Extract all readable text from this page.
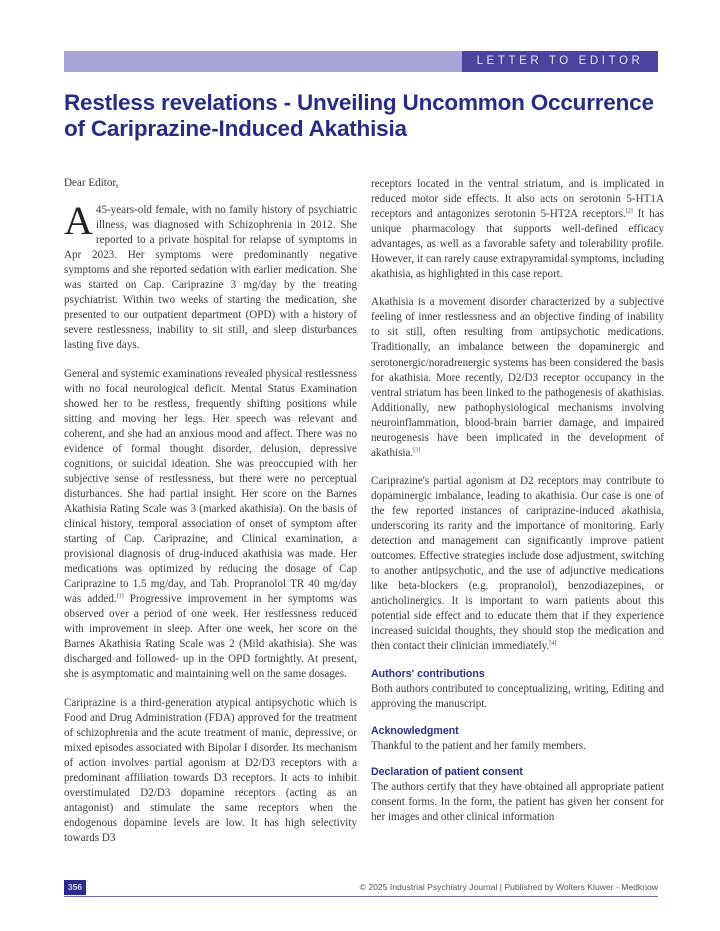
LETTER TO EDITOR
Restless revelations - Unveiling Uncommon Occurrence of Cariprazine-Induced Akathisia

Dear Editor,

A 45-years-old female, with no family history of psychiatric illness, was diagnosed with Schizophrenia in 2012. She reported to a private hospital for relapse of symptoms in Apr 2023. Her symptoms were predominantly negative symptoms and she reported sedation with earlier medication. She was started on Cap. Cariprazine 3 mg/day by the treating psychiatrist. Within two weeks of starting the medication, she presented to our outpatient department (OPD) with a history of severe restlessness, inability to sit still, and sleep disturbances lasting five days.

General and systemic examinations revealed physical restlessness with no focal neurological deficit. Mental Status Examination showed her to be restless, frequently shifting positions while sitting and moving her legs. Her speech was relevant and coherent, and she had an anxious mood and affect. There was no evidence of formal thought disorder, delusion, depressive cognitions, or suicidal ideation. She was preoccupied with her subjective sense of restlessness, but there were no perceptual disturbances. She had partial insight. Her score on the Barnes Akathisia Rating Scale was 3 (marked akathisia). On the basis of clinical history, temporal association of onset of symptom after starting of Cap. Cariprazine, and Clinical examination, a provisional diagnosis of drug-induced akathisia was made. Her medications was optimized by reducing the dosage of Cap Cariprazine to 1.5 mg/day, and Tab. Propranolol TR 40 mg/day was added.[1] Progressive improvement in her symptoms was observed over a period of one week. Her restlessness reduced with improvement in sleep. After one week, her score on the Barnes Akathisia Rating Scale was 2 (Mild akathisia). She was discharged and followed- up in the OPD fortnightly. At present, she is asymptomatic and maintaining well on the same dosages.

Cariprazine is a third-generation atypical antipsychotic which is Food and Drug Administration (FDA) approved for the treatment of schizophrenia and the acute treatment of manic, depressive, or mixed episodes associated with Bipolar I disorder. Its mechanism of action involves partial agonism at D2/D3 receptors with a predominant affiliation towards D3 receptors. It acts to inhibit overstimulated D2/D3 dopamine receptors (acting as an antagonist) and stimulate the same receptors when the endogenous dopamine levels are low. It has high selectivity towards D3

receptors located in the ventral striatum, and is implicated in reduced motor side effects. It also acts on serotonin 5-HT1A receptors and antagonizes serotonin 5-HT2A receptors.[2] It has unique pharmacology that supports well-defined efficacy advantages, as well as a favorable safety and tolerability profile. However, it can rarely cause extrapyramidal symptoms, including akathisia, as highlighted in this case report.

Akathisia is a movement disorder characterized by a subjective feeling of inner restlessness and an objective finding of inability to sit still, often resulting from antipsychotic medications. Traditionally, an imbalance between the dopaminergic and serotonergic/noradrenergic systems has been considered the basis for akathisia. More recently, D2/D3 receptor occupancy in the ventral striatum has been linked to the pathogenesis of akathisias. Additionally, new pathophysiological mechanisms involving neuroinflammation, blood-brain barrier damage, and impaired neurogenesis have been implicated in the development of akathisia.[3]

Cariprazine's partial agonism at D2 receptors may contribute to dopaminergic imbalance, leading to akathisia. Our case is one of the few reported instances of cariprazine-induced akathisia, underscoring its rarity and the importance of monitoring. Early detection and management can significantly improve patient outcomes. Effective strategies include dose adjustment, switching to another antipsychotic, and the use of adjunctive medications like beta-blockers (e.g. propranolol), benzodiazepines, or anticholinergics. It is important to warn patients about this potential side effect and to educate them that if they experience increased suicidal thoughts, they should stop the medication and then contact their clinician immediately.[4]

Authors' contributions

Both authors contributed to conceptualizing, writing, Editing and approving the manuscript.

Acknowledgment

Thankful to the patient and her family members.

Declaration of patient consent

The authors certify that they have obtained all appropriate patient consent forms. In the form, the patient has given her consent for her images and other clinical information

356	© 2025 Industrial Psychiatry Journal | Published by Wolters Kluwer - Medknow
